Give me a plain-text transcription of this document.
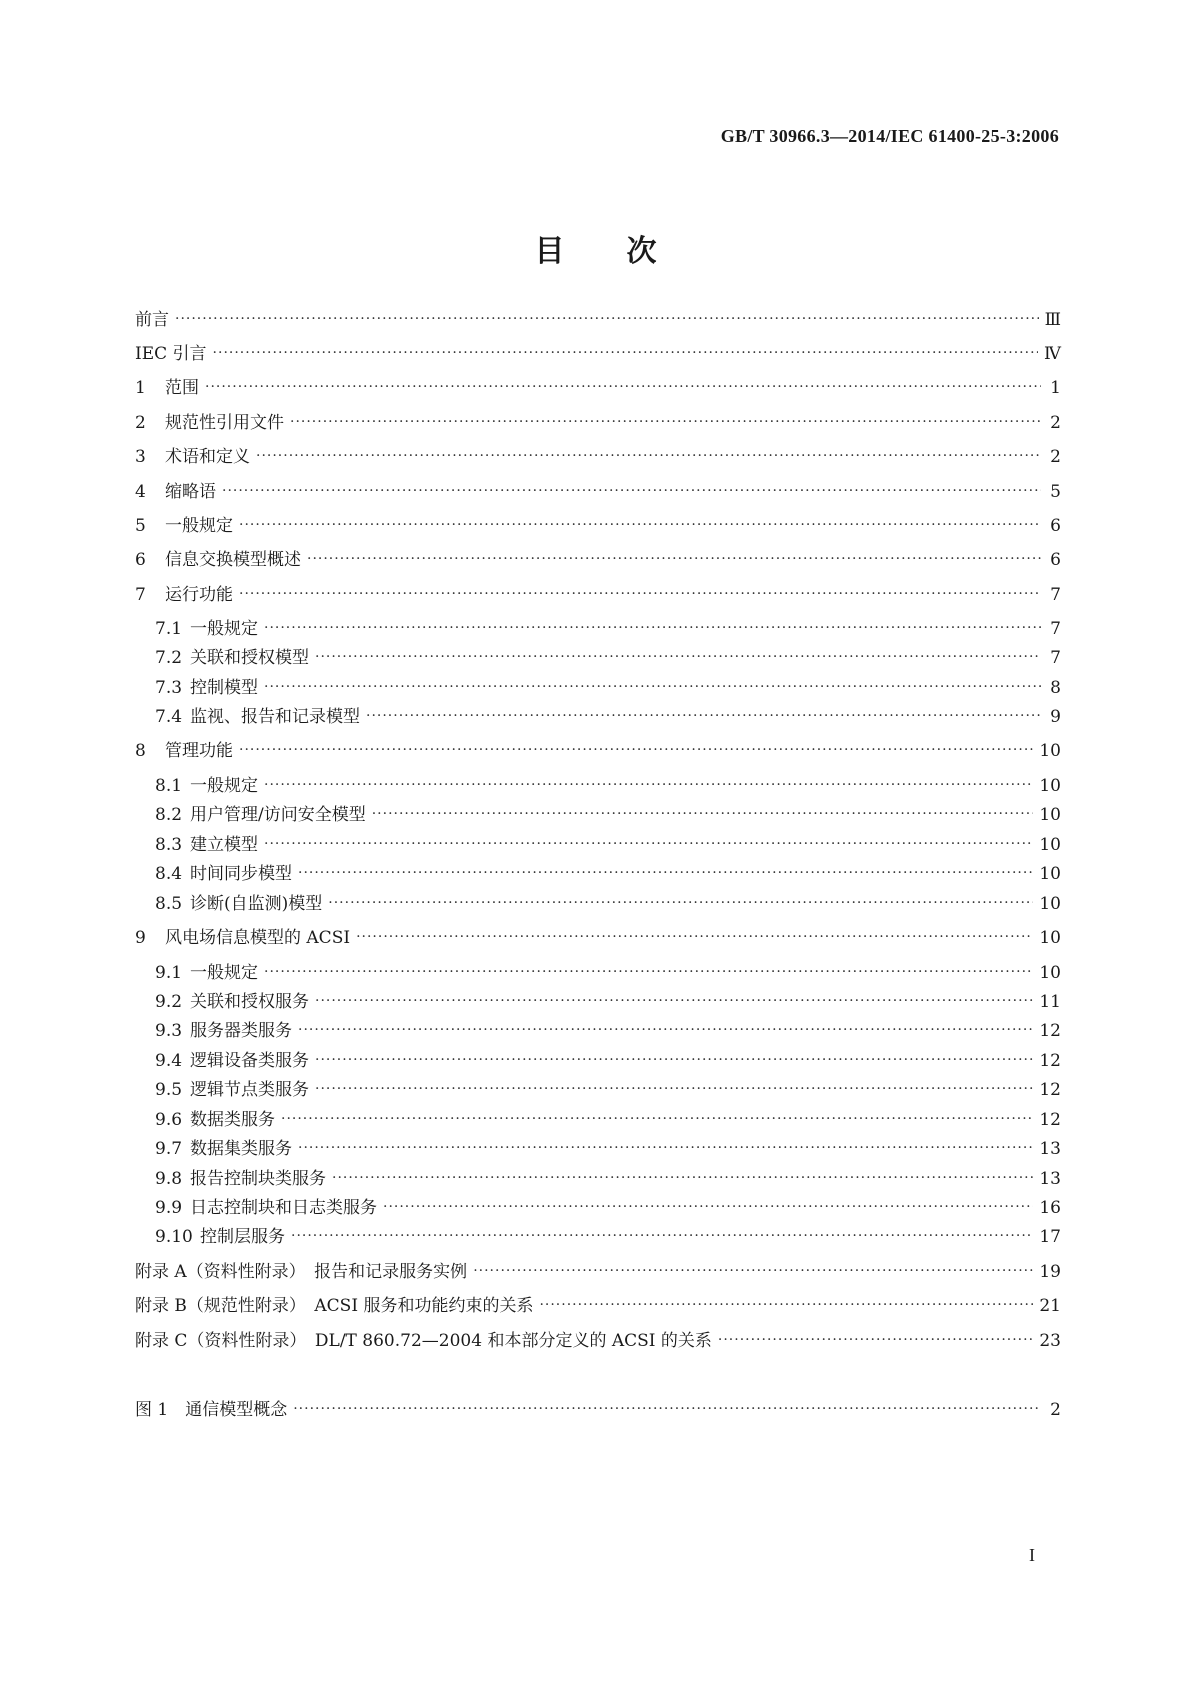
GB/T 30966.3—2014/IEC 61400-25-3:2006
目次
前言 ·····	Ⅲ
IEC 引言 ·····	Ⅳ
1	范围 ·····	1
2	规范性引用文件 ·····	2
3	术语和定义 ·····	2
4	缩略语 ·····	5
5	一般规定 ·····	6
6	信息交换模型概述 ·····	6
7	运行功能 ·····	7
7.1 一般规定 ·····	7
7.2 关联和授权模型 ·····	7
7.3 控制模型 ·····	8
7.4 监视、报告和记录模型 ·····	9
8	管理功能 ·····	10
8.1 一般规定 ·····	10
8.2 用户管理/访问安全模型 ·····	10
8.3 建立模型 ·····	10
8.4 时间同步模型 ·····	10
8.5 诊断(自监测)模型 ·····	10
9	风电场信息模型的 ACSI ·····	10
9.1 一般规定 ·····	10
9.2 关联和授权服务 ·····	11
9.3 服务器类服务 ·····	12
9.4 逻辑设备类服务 ·····	12
9.5 逻辑节点类服务 ·····	12
9.6 数据类服务 ·····	12
9.7 数据集类服务 ·····	13
9.8 报告控制块类服务 ·····	13
9.9 日志控制块和日志类服务 ·····	16
9.10 控制层服务 ·····	17
附录 A（资料性附录）　报告和记录服务实例 ·····	19
附录 B（规范性附录）　ACSI 服务和功能约束的关系 ·····	21
附录 C（资料性附录）　DL/T 860.72—2004 和本部分定义的 ACSI 的关系 ·····	23
图 1　通信模型概念 ·····	2
I
